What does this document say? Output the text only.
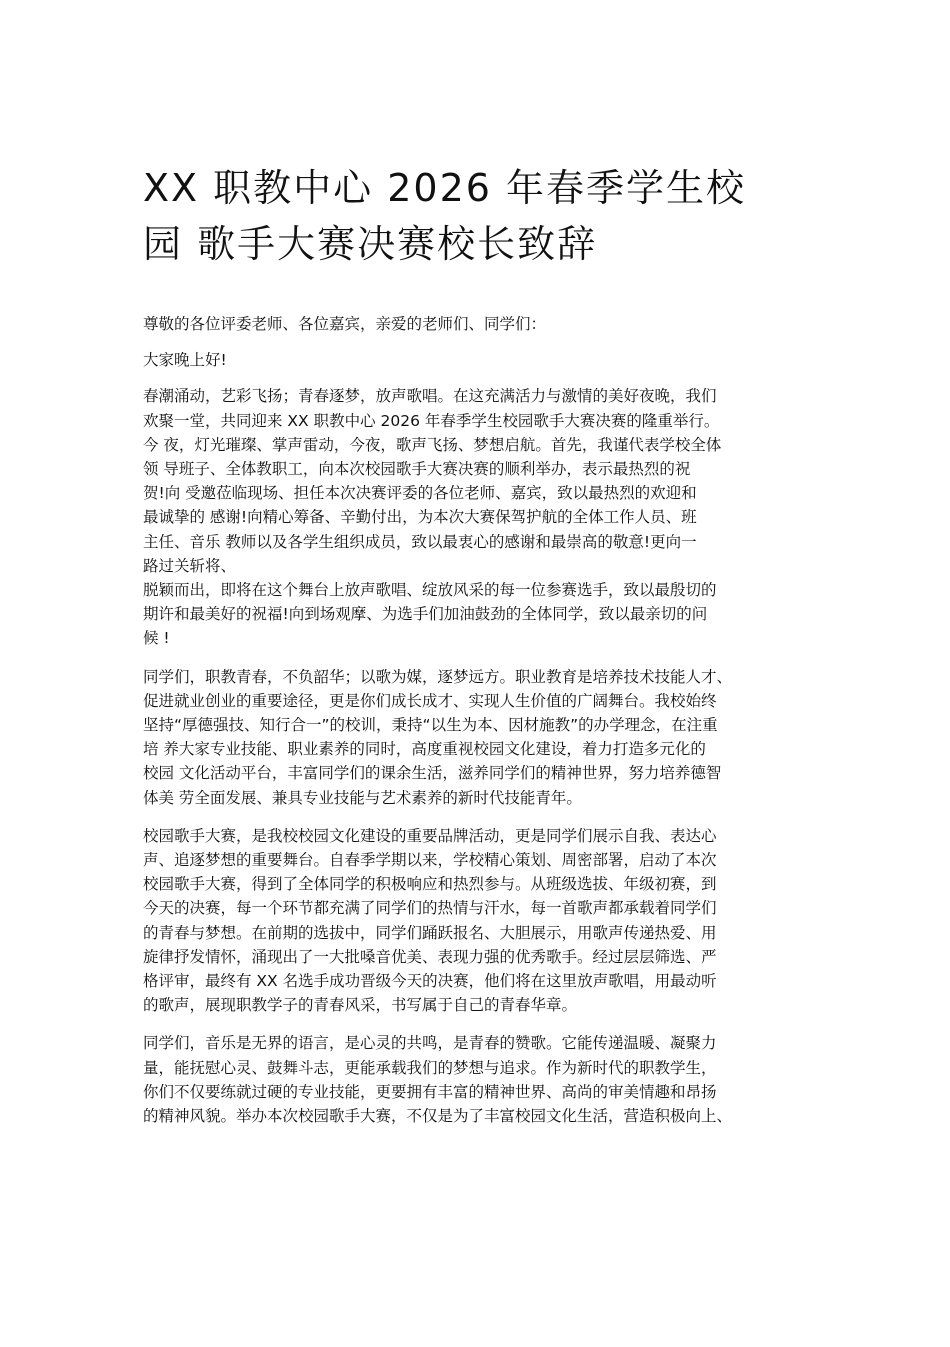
XX 职教中心 2026 年春季学生校
园 歌手大赛决赛校长致辞

尊敬的各位评委老师、各位嘉宾，亲爱的老师们、同学们：

大家晚上好!

春潮涌动，艺彩飞扬；青春逐梦，放声歌唱。在这充满活力与激情的美好夜晚，我们
欢聚一堂，共同迎来 XX 职教中心 2026 年春季学生校园歌手大赛决赛的隆重举行。
今 夜，灯光璀璨、掌声雷动，今夜，歌声飞扬、梦想启航。首先，我谨代表学校全体
领 导班子、全体教职工，向本次校园歌手大赛决赛的顺利举办，表示最热烈的祝
贺!向 受邀莅临现场、担任本次决赛评委的各位老师、嘉宾，致以最热烈的欢迎和
最诚挚的 感谢!向精心筹备、辛勤付出，为本次大赛保驾护航的全体工作人员、班
主任、音乐 教师以及各学生组织成员，致以最衷心的感谢和最崇高的敬意!更向一
路过关斩将、
脱颖而出，即将在这个舞台上放声歌唱、绽放风采的每一位参赛选手，致以最殷切的
期许和最美好的祝福!向到场观摩、为选手们加油鼓劲的全体同学，致以最亲切的问
候 !

同学们，职教青春，不负韶华；以歌为媒，逐梦远方。职业教育是培养技术技能人才、
促进就业创业的重要途径，更是你们成长成才、实现人生价值的广阔舞台。我校始终
坚持“厚德强技、知行合一”的校训，秉持“以生为本、因材施教”的办学理念，在注重
培 养大家专业技能、职业素养的同时，高度重视校园文化建设，着力打造多元化的
校园 文化活动平台，丰富同学们的课余生活，滋养同学们的精神世界，努力培养德智
体美 劳全面发展、兼具专业技能与艺术素养的新时代技能青年。

校园歌手大赛，是我校校园文化建设的重要品牌活动，更是同学们展示自我、表达心
声、追逐梦想的重要舞台。自春季学期以来，学校精心策划、周密部署，启动了本次
校园歌手大赛，得到了全体同学的积极响应和热烈参与。从班级选拔、年级初赛，到
今天的决赛，每一个环节都充满了同学们的热情与汗水，每一首歌声都承载着同学们
的青春与梦想。在前期的选拔中，同学们踊跃报名、大胆展示，用歌声传递热爱、用
旋律抒发情怀，涌现出了一大批嗓音优美、表现力强的优秀歌手。经过层层筛选、严
格评审，最终有 XX 名选手成功晋级今天的决赛，他们将在这里放声歌唱，用最动听
的歌声，展现职教学子的青春风采，书写属于自己的青春华章。

同学们，音乐是无界的语言，是心灵的共鸣，是青春的赞歌。它能传递温暖、凝聚力
量，能抚慰心灵、鼓舞斗志，更能承载我们的梦想与追求。作为新时代的职教学生，
你们不仅要练就过硬的专业技能，更要拥有丰富的精神世界、高尚的审美情趣和昂扬
的精神风貌。举办本次校园歌手大赛，不仅是为了丰富校园文化生活，营造积极向上、
